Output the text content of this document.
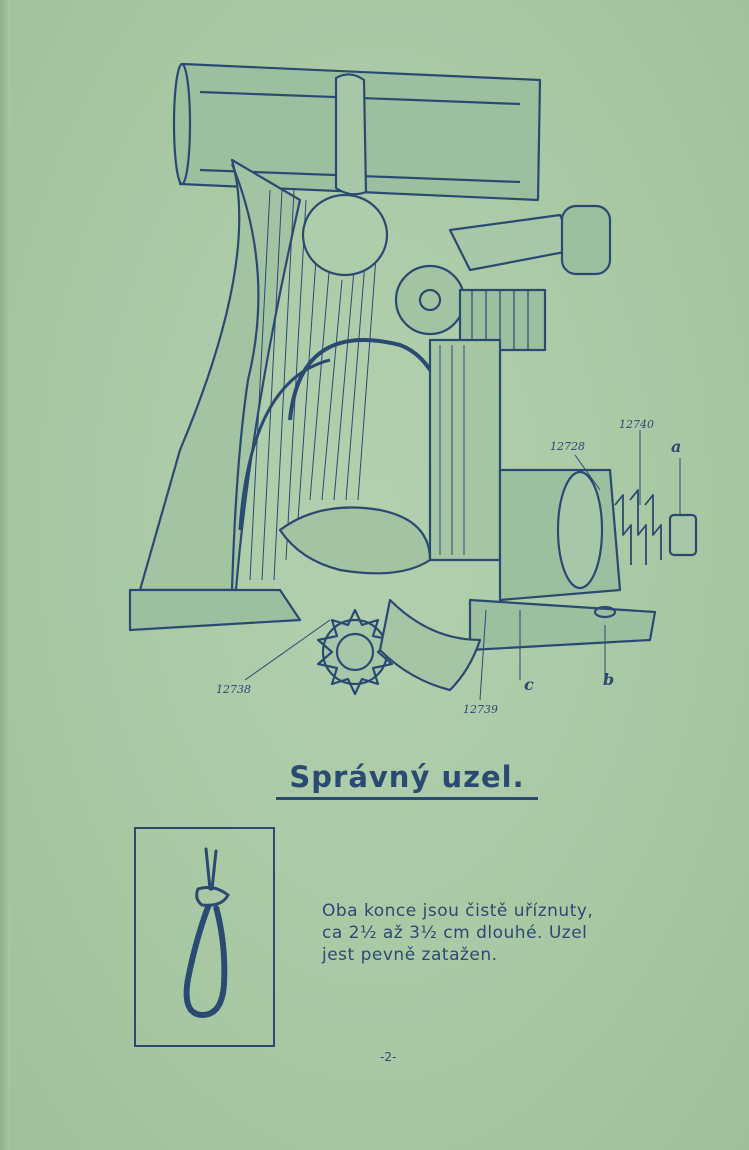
12740
12728	a
b
c
12738
12739
Správný uzel.
Oba konce jsou čistě uříznuty,
ca 2½ až 3½ cm dlouhé. Uzel
jest pevně zatažen.
-2-
